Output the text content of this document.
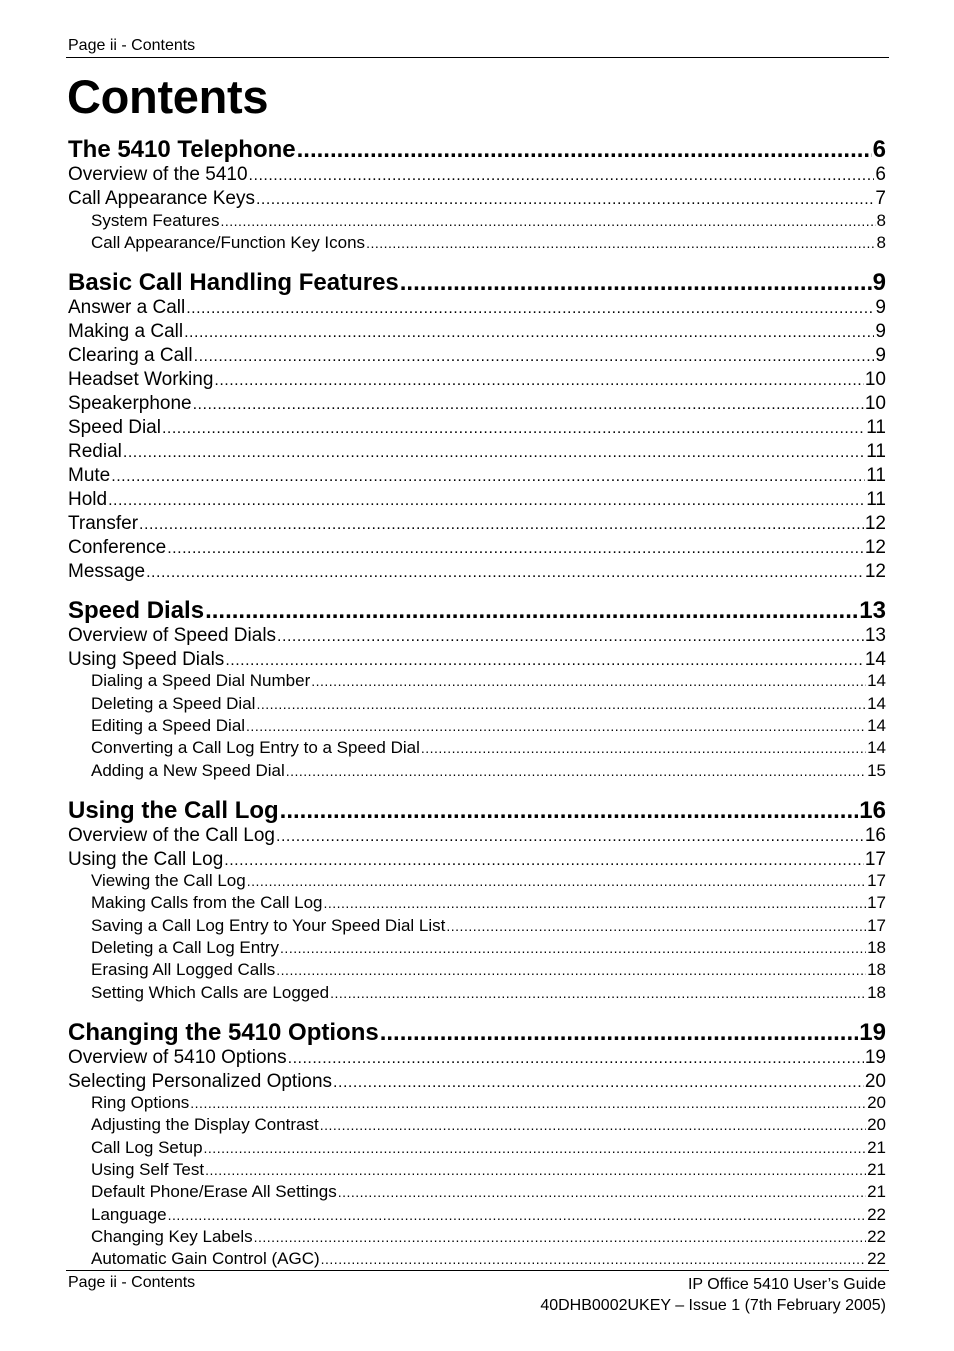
Page ii - Contents
Contents
The 5410 Telephone .....	6
Overview of the 5410 .....	6
Call Appearance Keys .....	7
System Features .....	8
Call Appearance/Function Key Icons .....	8
Basic Call Handling Features .....	9
Answer a Call .....	9
Making a Call .....	9
Clearing a Call .....	9
Headset Working .....	10
Speakerphone .....	10
Speed Dial .....	11
Redial .....	11
Mute .....	11
Hold .....	11
Transfer .....	12
Conference .....	12
Message .....	12
Speed Dials .....	13
Overview of Speed Dials .....	13
Using Speed Dials .....	14
Dialing a Speed Dial Number .....	14
Deleting a Speed Dial .....	14
Editing a Speed Dial .....	14
Converting a Call Log Entry to a Speed Dial .....	14
Adding a New Speed Dial .....	15
Using the Call Log .....	16
Overview of the Call Log .....	16
Using the Call Log .....	17
Viewing the Call Log .....	17
Making Calls from the Call Log .....	17
Saving a Call Log Entry to Your Speed Dial List .....	17
Deleting a Call Log Entry .....	18
Erasing All Logged Calls .....	18
Setting Which Calls are Logged .....	18
Changing the 5410 Options .....	19
Overview of 5410 Options .....	19
Selecting Personalized Options .....	20
Ring Options .....	20
Adjusting the Display Contrast .....	20
Call Log Setup .....	21
Using Self Test .....	21
Default Phone/Erase All Settings .....	21
Language .....	22
Changing Key Labels .....	22
Automatic Gain Control (AGC) .....	22
Page ii - Contents	IP Office 5410 User’s Guide
40DHB0002UKEY – Issue 1 (7th February 2005)
